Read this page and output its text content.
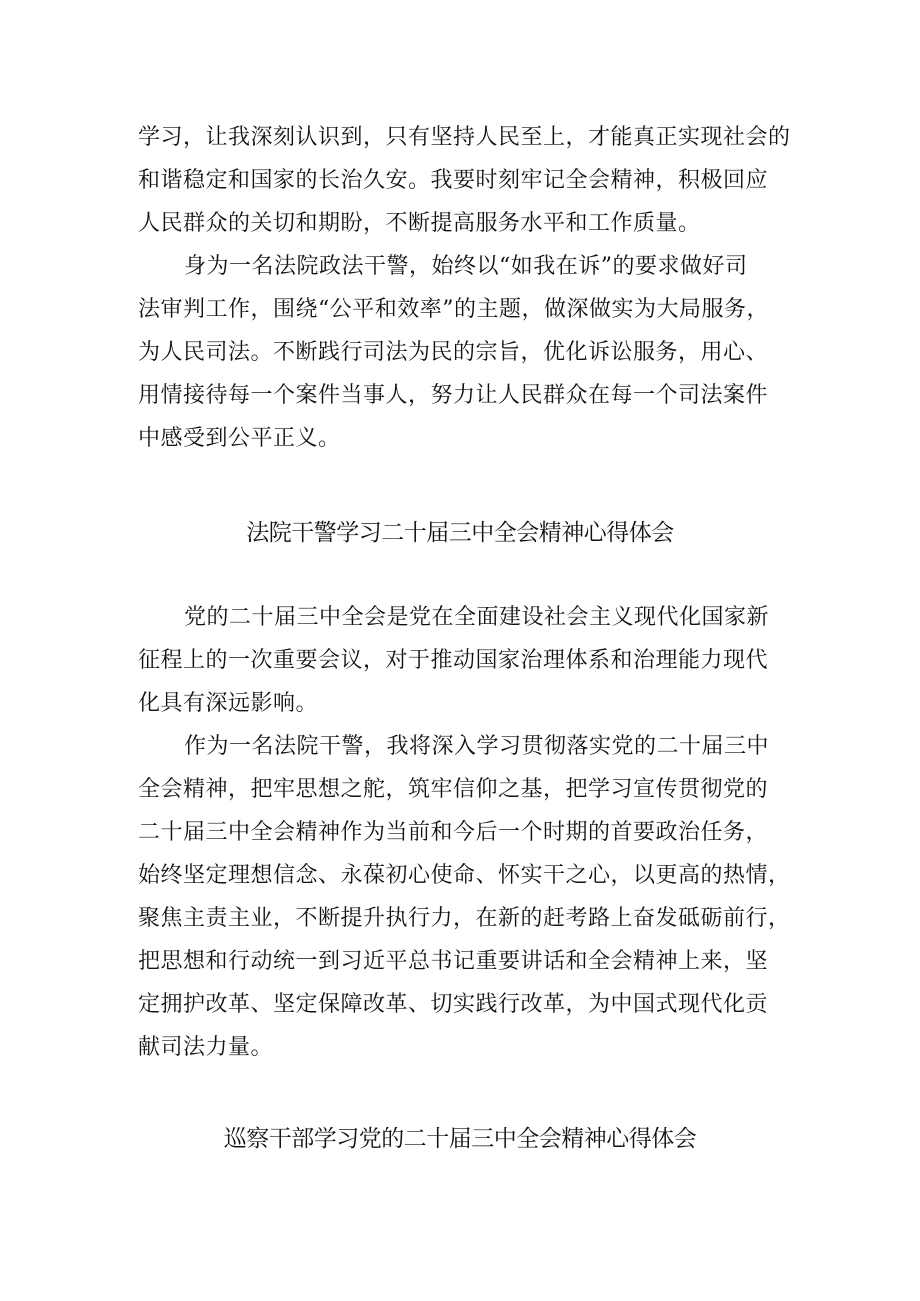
学习，让我深刻认识到，只有坚持人民至上，才能真正实现社会的
和谐稳定和国家的长治久安。我要时刻牢记全会精神，积极回应
人民群众的关切和期盼，不断提高服务水平和工作质量。
身为一名法院政法干警，始终以“如我在诉”的要求做好司
法审判工作，围绕“公平和效率”的主题，做深做实为大局服务，
为人民司法。不断践行司法为民的宗旨，优化诉讼服务，用心、
用情接待每一个案件当事人，努力让人民群众在每一个司法案件
中感受到公平正义。
法院干警学习二十届三中全会精神心得体会
党的二十届三中全会是党在全面建设社会主义现代化国家新
征程上的一次重要会议，对于推动国家治理体系和治理能力现代
化具有深远影响。
作为一名法院干警，我将深入学习贯彻落实党的二十届三中
全会精神，把牢思想之舵，筑牢信仰之基，把学习宣传贯彻党的
二十届三中全会精神作为当前和今后一个时期的首要政治任务，
始终坚定理想信念、永葆初心使命、怀实干之心，以更高的热情，
聚焦主责主业，不断提升执行力，在新的赶考路上奋发砥砺前行，
把思想和行动统一到习近平总书记重要讲话和全会精神上来，坚
定拥护改革、坚定保障改革、切实践行改革，为中国式现代化贡
献司法力量。
巡察干部学习党的二十届三中全会精神心得体会
